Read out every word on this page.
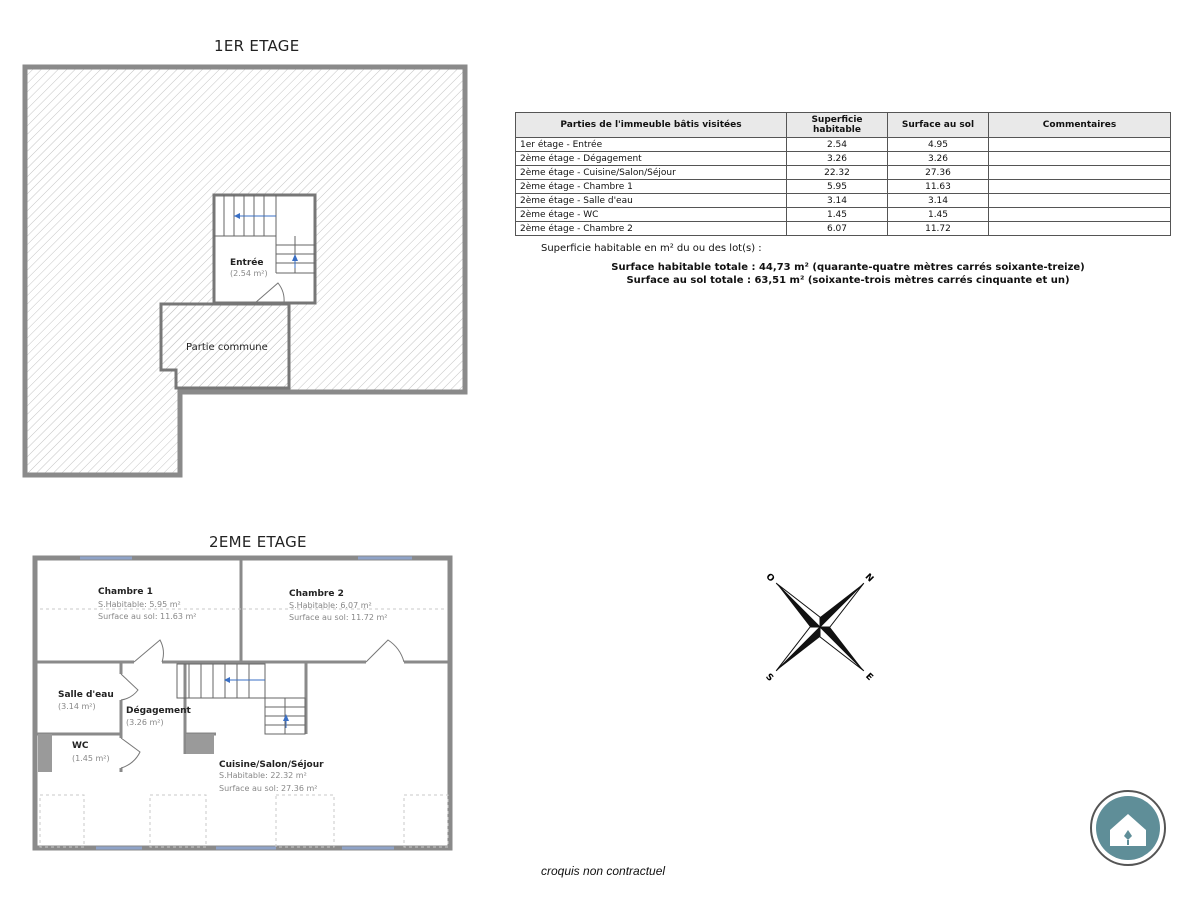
1ER ETAGE
Entrée
(2.54 m²)
Partie commune
Parties de l'immeuble bâtis visitées	Superficie habitable	Surface au sol	Commentaires
1er étage - Entrée	2.54	4.95	
2ème étage - Dégagement	3.26	3.26	
2ème étage - Cuisine/Salon/Séjour	22.32	27.36	
2ème étage - Chambre 1	5.95	11.63	
2ème étage - Salle d'eau	3.14	3.14	
2ème étage - WC	1.45	1.45	
2ème étage - Chambre 2	6.07	11.72	
Superficie habitable en m² du ou des lot(s) :
Surface habitable totale : 44,73 m² (quarante-quatre mètres carrés soixante-treize)
Surface au sol totale : 63,51 m² (soixante-trois mètres carrés cinquante et un)
2EME ETAGE
Chambre 1
S.Habitable: 5.95 m²
Surface au sol: 11.63 m²
Chambre 2
S.Habitable: 6.07 m²
Surface au sol: 11.72 m²
Salle d'eau
(3.14 m²)	Dégagement
(3.26 m²)
WC
(1.45 m²)
Cuisine/Salon/Séjour
S.Habitable: 22.32 m²
Surface au sol: 27.36 m²
N
E
S
O
croquis non contractuel
